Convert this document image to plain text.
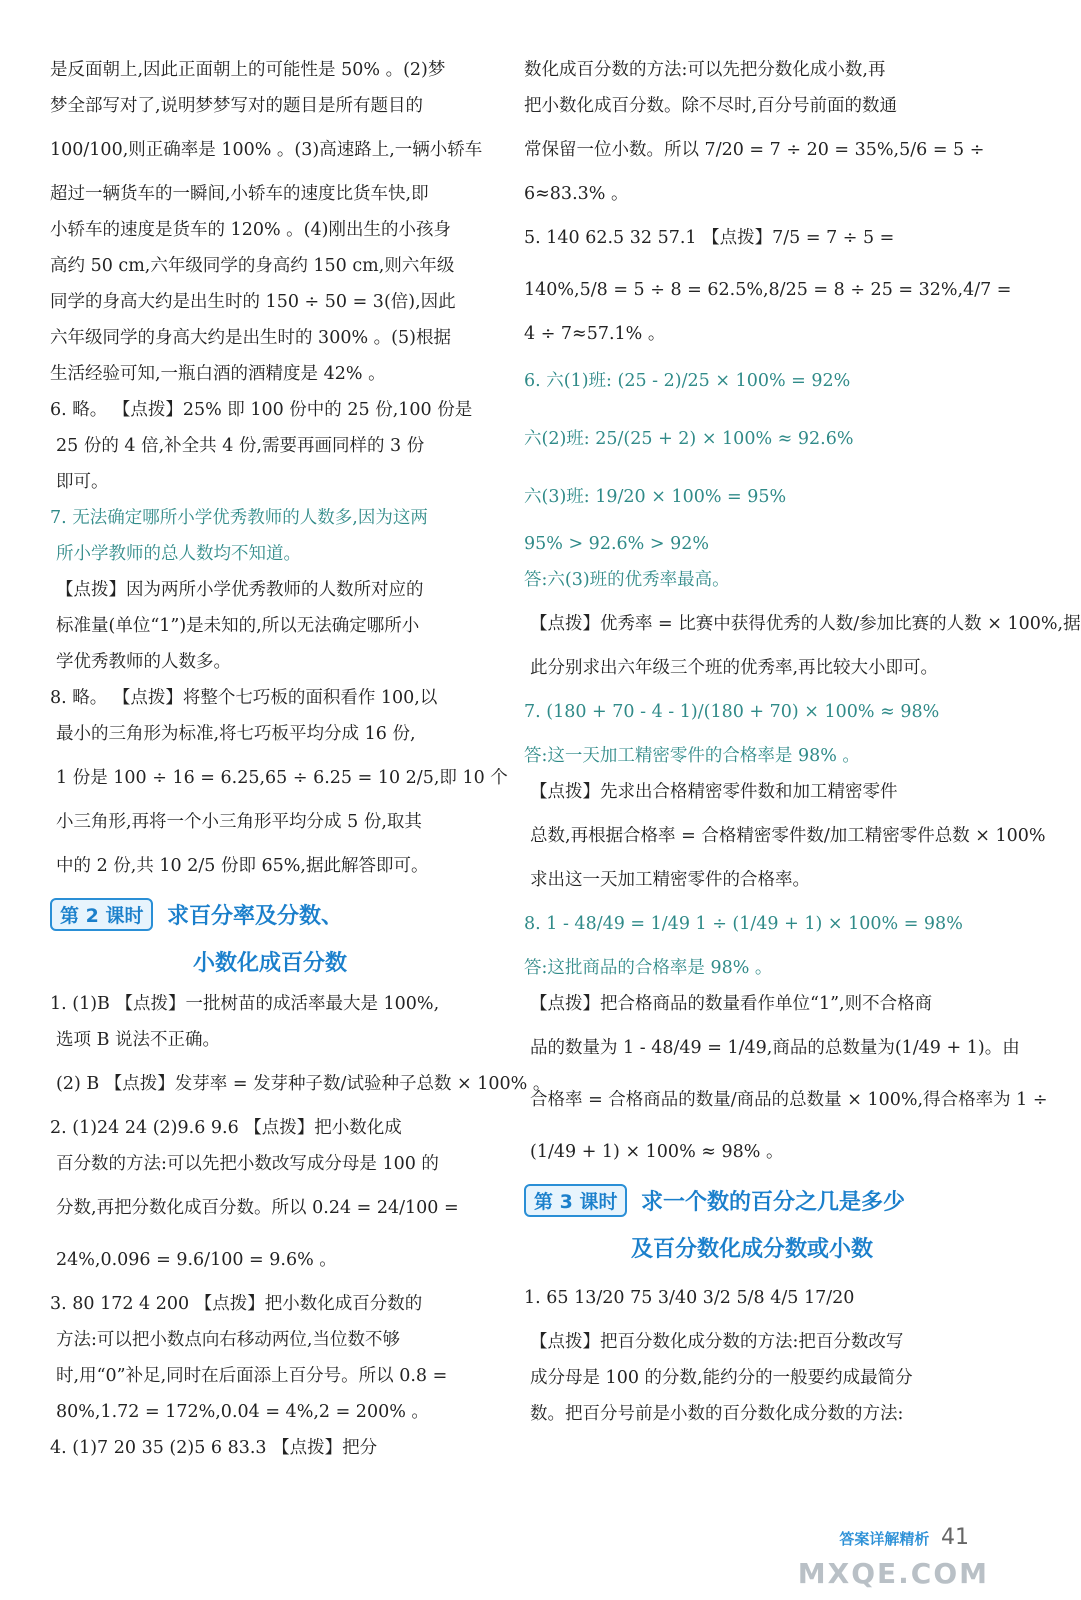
是反面朝上,因此正面朝上的可能性是 50% 。(2)梦
梦全部写对了,说明梦梦写对的题目是所有题目的
100/100,则正确率是 100% 。(3)高速路上,一辆小轿车
超过一辆货车的一瞬间,小轿车的速度比货车快,即
小轿车的速度是货车的 120% 。(4)刚出生的小孩身
高约 50 cm,六年级同学的身高约 150 cm,则六年级
同学的身高大约是出生时的 150 ÷ 50 = 3(倍),因此
六年级同学的身高大约是出生时的 300% 。(5)根据
生活经验可知,一瓶白酒的酒精度是 42% 。
6. 略。 【点拨】25% 即 100 份中的 25 份,100 份是
25 份的 4 倍,补全共 4 份,需要再画同样的 3 份
即可。
7. 无法确定哪所小学优秀教师的人数多,因为这两
所小学教师的总人数均不知道。
【点拨】因为两所小学优秀教师的人数所对应的
标准量(单位“1”)是未知的,所以无法确定哪所小
学优秀教师的人数多。
8. 略。 【点拨】将整个七巧板的面积看作 100,以
最小的三角形为标准,将七巧板平均分成 16 份,
1 份是 100 ÷ 16 = 6.25,65 ÷ 6.25 = 10 2/5,即 10 个
小三角形,再将一个小三角形平均分成 5 份,取其
中的 2 份,共 10 2/5 份即 65%,据此解答即可。
第 2 课时 求百分率及分数、
小数化成百分数
1. (1)B 【点拨】一批树苗的成活率最大是 100%,
选项 B 说法不正确。
(2) B 【点拨】发芽率 = 发芽种子数/试验种子总数 × 100% 。
2. (1)24 24 (2)9.6 9.6 【点拨】把小数化成
百分数的方法:可以先把小数改写成分母是 100 的
分数,再把分数化成百分数。所以 0.24 = 24/100 =
24%,0.096 = 9.6/100 = 9.6% 。
3. 80 172 4 200 【点拨】把小数化成百分数的
方法:可以把小数点向右移动两位,当位数不够
时,用“0”补足,同时在后面添上百分号。所以 0.8 =
80%,1.72 = 172%,0.04 = 4%,2 = 200% 。
4. (1)7 20 35 (2)5 6 83.3 【点拨】把分
数化成百分数的方法:可以先把分数化成小数,再
把小数化成百分数。除不尽时,百分号前面的数通
常保留一位小数。所以 7/20 = 7 ÷ 20 = 35%,5/6 = 5 ÷
6≈83.3% 。
5. 140 62.5 32 57.1 【点拨】7/5 = 7 ÷ 5 =
140%,5/8 = 5 ÷ 8 = 62.5%,8/25 = 8 ÷ 25 = 32%,4/7 =
4 ÷ 7≈57.1% 。
6. 六(1)班: (25 - 2)/25 × 100% = 92%
六(2)班: 25/(25 + 2) × 100% ≈ 92.6%
六(3)班: 19/20 × 100% = 95%
95% > 92.6% > 92%
答:六(3)班的优秀率最高。
【点拨】优秀率 = 比赛中获得优秀的人数/参加比赛的人数 × 100%,据
此分别求出六年级三个班的优秀率,再比较大小即可。
7. (180 + 70 - 4 - 1)/(180 + 70) × 100% ≈ 98%
答:这一天加工精密零件的合格率是 98% 。
【点拨】先求出合格精密零件数和加工精密零件
总数,再根据合格率 = 合格精密零件数/加工精密零件总数 × 100%
求出这一天加工精密零件的合格率。
8. 1 - 48/49 = 1/49 1 ÷ (1/49 + 1) × 100% = 98%
答:这批商品的合格率是 98% 。
【点拨】把合格商品的数量看作单位“1”,则不合格商
品的数量为 1 - 48/49 = 1/49,商品的总数量为(1/49 + 1)。由
合格率 = 合格商品的数量/商品的总数量 × 100%,得合格率为 1 ÷
(1/49 + 1) × 100% ≈ 98% 。
第 3 课时 求一个数的百分之几是多少
及百分数化成分数或小数
1. 65 13/20 75 3/40 3/2 5/8 4/5 17/20
【点拨】把百分数化成分数的方法:把百分数改写
成分母是 100 的分数,能约分的一般要约成最简分
数。把百分号前是小数的百分数化成分数的方法:
答案详解精析 41
MXQE.COM
